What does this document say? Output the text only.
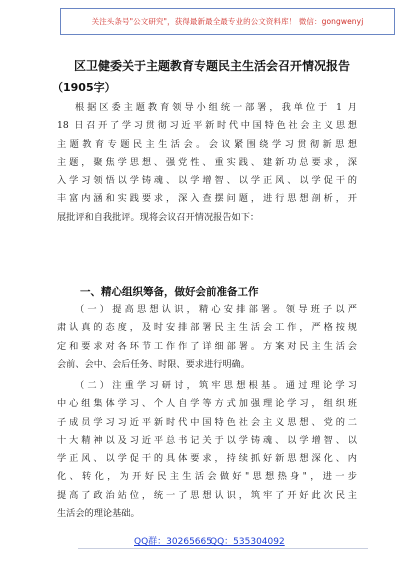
关注头条号"公文研究"，获得最新最全最专业的公文资料库！ 微信：gongwenyj
区卫健委关于主题教育专题民主生活会召开情况报告
（1905字）
根据区委主题教育领导小组统一部署，我单位于 1 月
18 日召开了学习贯彻习近平新时代中国特色社会主义思想
主题教育专题民主生活会。会议紧围绕学习贯彻新思想
主题，聚焦学思想、强党性、重实践、建新功总要求，深
入学习领悟以学铸魂、以学增智、以学正风、以学促干的
丰富内涵和实践要求，深入查摆问题，进行思想剖析，开
展批评和自我批评。现将会议召开情况报告如下：
一、精心组织筹备，做好会前准备工作
（一）提高思想认识，精心安排部署。领导班子以严
肃认真的态度，及时安排部署民主生活会工作，严格按规
定和要求对各环节工作作了详细部署。方案对民主生活会
会前、会中、会后任务、时限、要求进行明确。
（二）注重学习研讨，筑牢思想根基。通过理论学习
中心组集体学习、个人自学等方式加强理论学习，组织班
子成员学习习近平新时代中国特色社会主义思想、党的二
十大精神以及习近平总书记关于以学铸魂、以学增智、以
学正风、以学促干的具体要求，持续抓好新思想深化、内
化、转化，为开好民主生活会做好"思想热身"，进一步
提高了政治站位，统一了思想认识，筑牢了开好此次民主
生活会的理论基础。
QQ群：30265665
QQ：535304092
